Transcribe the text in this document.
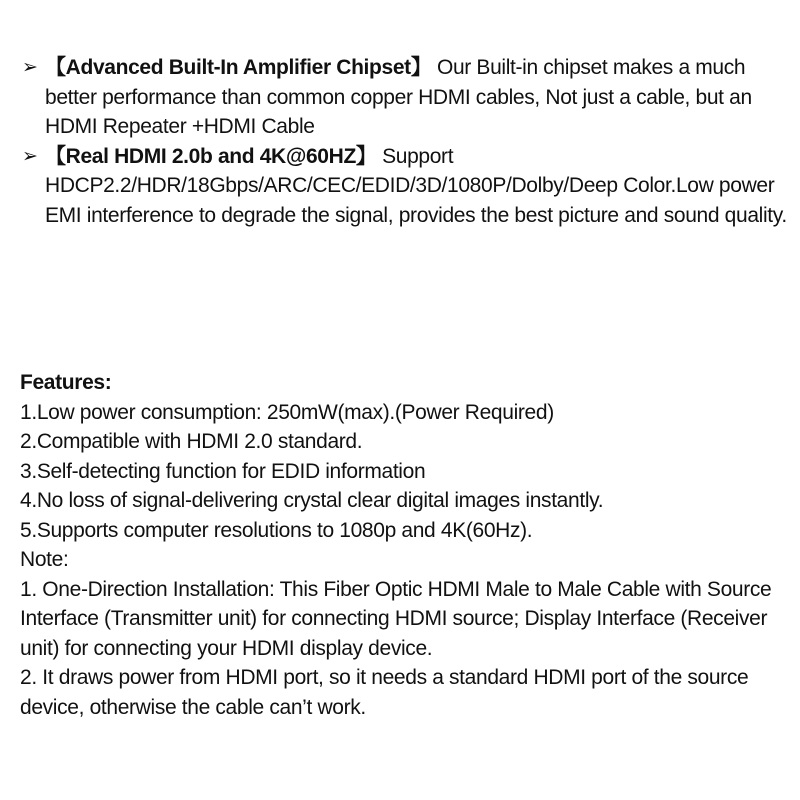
➢ 【Advanced Built-In Amplifier Chipset】 Our Built-in chipset makes a much better performance than common copper HDMI cables, Not just a cable, but an HDMI Repeater +HDMI Cable
➢ 【Real HDMI 2.0b and 4K@60HZ】 Support HDCP2.2/HDR/18Gbps/ARC/CEC/EDID/3D/1080P/Dolby/Deep Color.Low power EMI interference to degrade the signal, provides the best picture and sound quality.
Features:
1.Low power consumption: 250mW(max).(Power Required)
2.Compatible with HDMI 2.0 standard.
3.Self-detecting function for EDID information
4.No loss of signal-delivering crystal clear digital images instantly.
5.Supports computer resolutions to 1080p and 4K(60Hz).
Note:
1. One-Direction Installation: This Fiber Optic HDMI Male to Male Cable with Source Interface (Transmitter unit) for connecting HDMI source; Display Interface (Receiver unit) for connecting your HDMI display device.
2. It draws power from HDMI port, so it needs a standard HDMI port of the source device, otherwise the cable can’t work.
